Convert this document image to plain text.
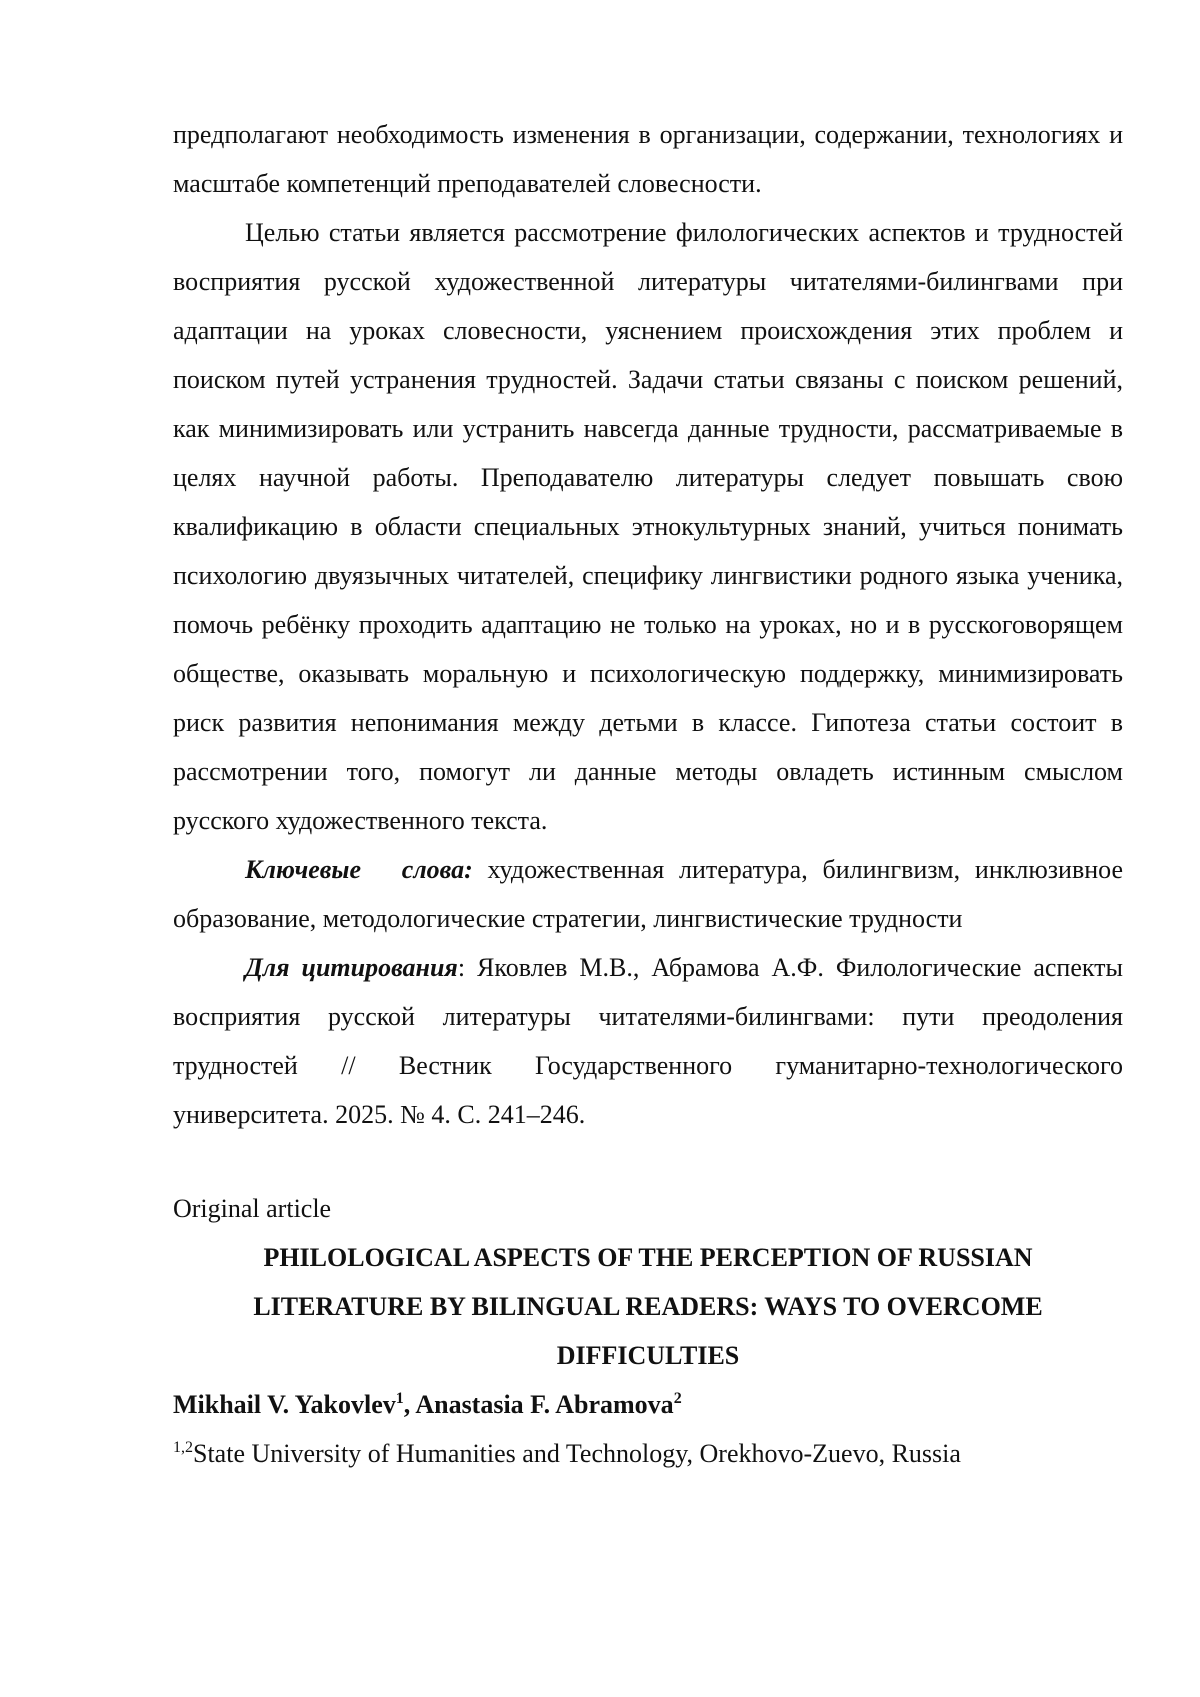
предполагают необходимость изменения в организации, содержании, технологиях и масштабе компетенций преподавателей словесности.

Целью статьи является рассмотрение филологических аспектов и трудностей восприятия русской художественной литературы читателями-билингвами при адаптации на уроках словесности, уяснением происхождения этих проблем и поиском путей устранения трудностей. Задачи статьи связаны с поиском решений, как минимизировать или устранить навсегда данные трудности, рассматриваемые в целях научной работы. Преподавателю литературы следует повышать свою квалификацию в области специальных этнокультурных знаний, учиться понимать психологию двуязычных читателей, специфику лингвистики родного языка ученика, помочь ребёнку проходить адаптацию не только на уроках, но и в русскоговорящем обществе, оказывать моральную и психологическую поддержку, минимизировать риск развития непонимания между детьми в классе. Гипотеза статьи состоит в рассмотрении того, помогут ли данные методы овладеть истинным смыслом русского художественного текста.

Ключевые слова: художественная литература, билингвизм, инклюзивное образование, методологические стратегии, лингвистические трудности

Для цитирования: Яковлев М.В., Абрамова А.Ф. Филологические аспекты восприятия русской литературы читателями-билингвами: пути преодоления трудностей // Вестник Государственного гуманитарно-технологического университета. 2025. № 4. С. 241–246.

Original article

PHILOLOGICAL ASPECTS OF THE PERCEPTION OF RUSSIAN

LITERATURE BY BILINGUAL READERS: WAYS TO OVERCOME

DIFFICULTIES

Mikhail V. Yakovlev$^1$, Anastasia F. Abramova$^2$

$^{1,2}$State University of Humanities and Technology, Orekhovo-Zuevo, Russia
